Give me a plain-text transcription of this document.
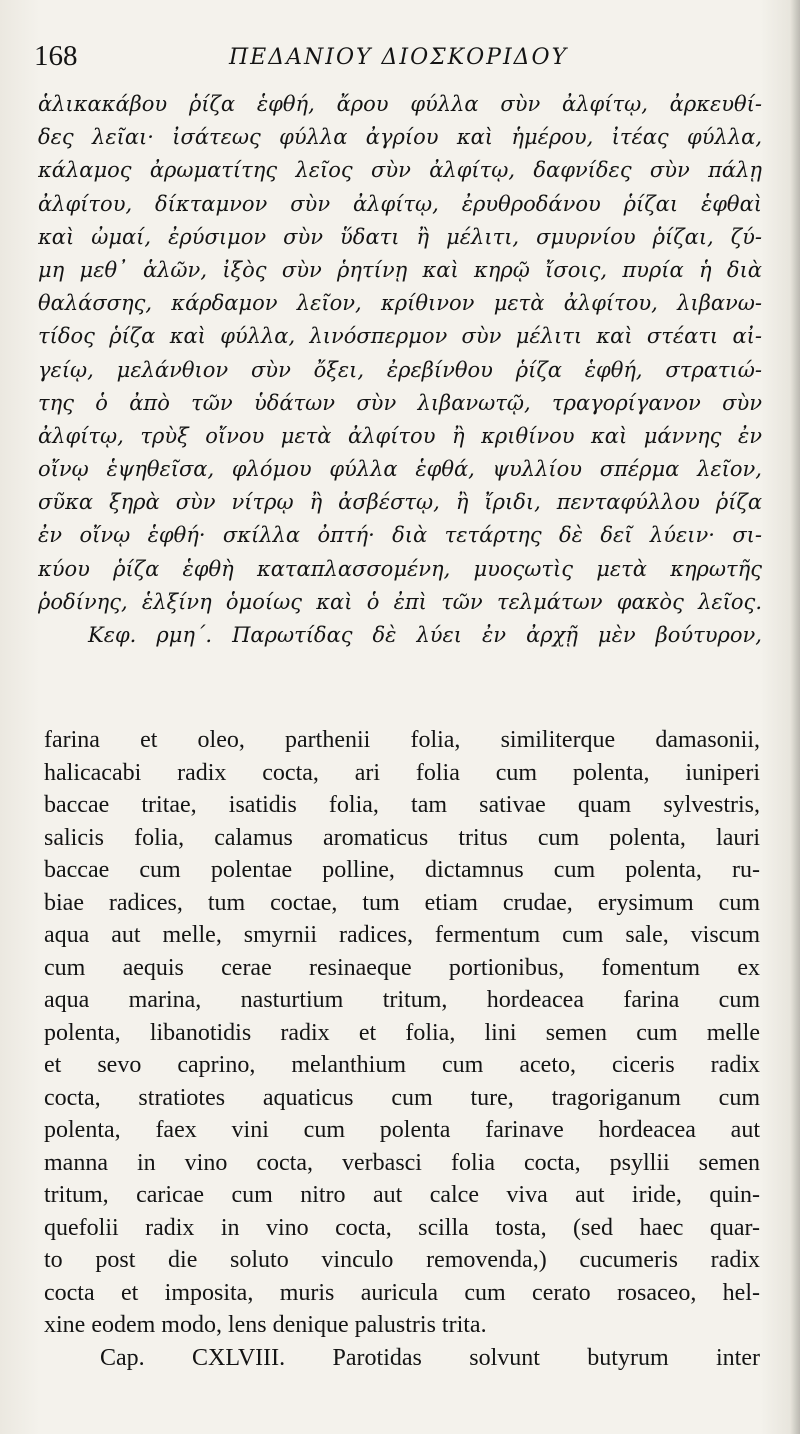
168	ΠΕΔΑΝΙΟΥ ΔΙΟΣΚΟΡΙΔΟΥ
ἁλικακάβου ῥίζα ἑφθή, ἄρου φύλλα σὺν ἀλφίτῳ, ἀρκευθί-
δες λεῖαι· ἰσάτεως φύλλα ἀγρίου καὶ ἡμέρου, ἰτέας φύλλα,
κάλαμος ἀρωματίτης λεῖος σὺν ἀλφίτῳ, δαφνίδες σὺν πάλῃ
ἀλφίτου, δίκταμνον σὺν ἀλφίτῳ, ἐρυθροδάνου ῥίζαι ἑφθαὶ
καὶ ὠμαί, ἐρύσιμον σὺν ὕδατι ἢ μέλιτι, σμυρνίου ῥίζαι, ζύ-
μη μεθ᾽ ἁλῶν, ἰξὸς σὺν ῥητίνῃ καὶ κηρῷ ἴσοις, πυρία ἡ διὰ
θαλάσσης, κάρδαμον λεῖον, κρίθινον μετὰ ἀλφίτου, λιβανω-
τίδος ῥίζα καὶ φύλλα, λινόσπερμον σὺν μέλιτι καὶ στέατι αἰ-
γείῳ, μελάνθιον σὺν ὄξει, ἐρεβίνθου ῥίζα ἑφθή, στρατιώ-
της ὁ ἀπὸ τῶν ὑδάτων σὺν λιβανωτῷ, τραγορίγανον σὺν
ἀλφίτῳ, τρὺξ οἴνου μετὰ ἀλφίτου ἢ κριθίνου καὶ μάννης ἐν
οἴνῳ ἑψηθεῖσα, φλόμου φύλλα ἑφθά, ψυλλίου σπέρμα λεῖον,
σῦκα ξηρὰ σὺν νίτρῳ ἢ ἀσβέστῳ, ἢ ἴριδι, πενταφύλλου ῥίζα
ἐν οἴνῳ ἑφθή· σκίλλα ὀπτή· διὰ τετάρτης δὲ δεῖ λύειν· σι-
κύου ῥίζα ἑφθὴ καταπλασσομένη, μυοςωτὶς μετὰ κηρωτῆς
ῥοδίνης, ἑλξίνη ὁμοίως καὶ ὁ ἐπὶ τῶν τελμάτων φακὸς λεῖος.
Κεφ. ρμη΄. Παρωτίδας δὲ λύει ἐν ἀρχῇ μὲν βούτυρον,
farina et oleo, parthenii folia, similiterque damasonii,
halicacabi radix cocta, ari folia cum polenta, iuniperi
baccae tritae, isatidis folia, tam sativae quam sylvestris,
salicis folia, calamus aromaticus tritus cum polenta, lauri
baccae cum polentae polline, dictamnus cum polenta, ru-
biae radices, tum coctae, tum etiam crudae, erysimum cum
aqua aut melle, smyrnii radices, fermentum cum sale, viscum
cum aequis cerae resinaeque portionibus, fomentum ex
aqua marina, nasturtium tritum, hordeacea farina cum
polenta, libanotidis radix et folia, lini semen cum melle
et sevo caprino, melanthium cum aceto, ciceris radix
cocta, stratiotes aquaticus cum ture, tragoriganum cum
polenta, faex vini cum polenta farinave hordeacea aut
manna in vino cocta, verbasci folia cocta, psyllii semen
tritum, caricae cum nitro aut calce viva aut iride, quin-
quefolii radix in vino cocta, scilla tosta, (sed haec quar-
to post die soluto vinculo removenda,) cucumeris radix
cocta et imposita, muris auricula cum cerato rosaceo, hel-
xine eodem modo, lens denique palustris trita.
Cap. CXLVIII. Parotidas solvunt butyrum inter
